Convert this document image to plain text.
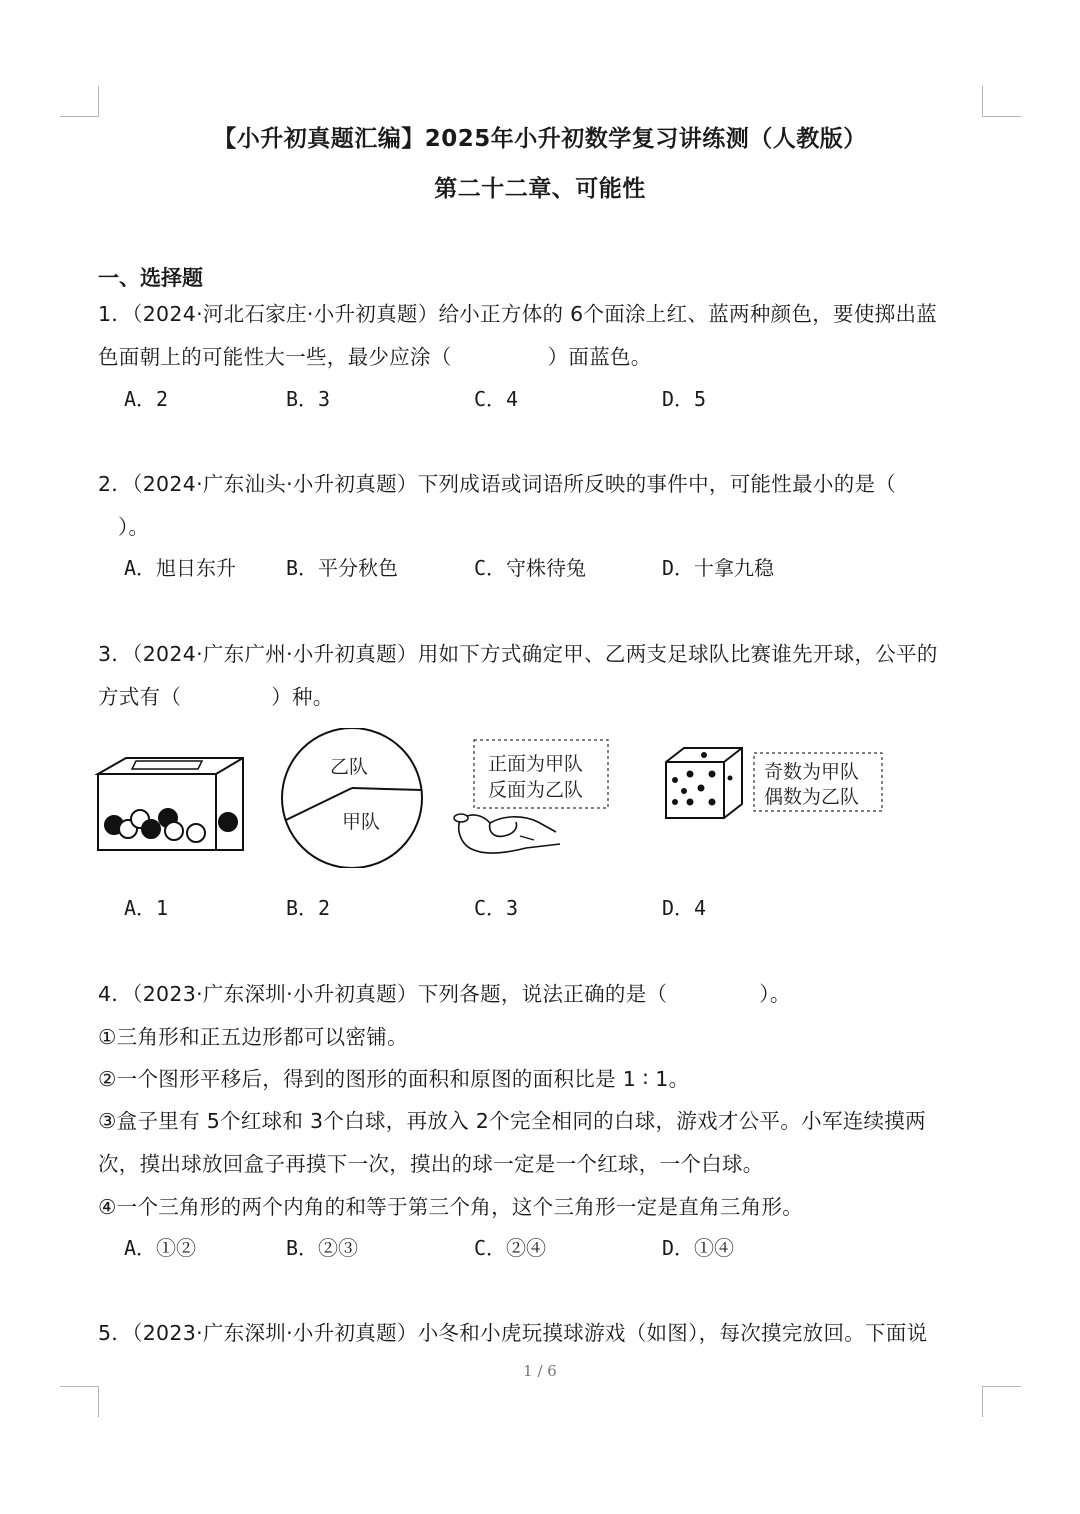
【小升初真题汇编】2025年小升初数学复习讲练测（人教版）
第二十二章、可能性
一、选择题
1．（2024·河北石家庄·小升初真题）给小正方体的 6个面涂上红、蓝两种颜色，要使掷出蓝
色面朝上的可能性大一些，最少应涂（	）面蓝色。
A．2	B．3	C．4	D．5
2．（2024·广东汕头·小升初真题）下列成语或词语所反映的事件中，可能性最小的是（
）。
A．旭日东升 B．平分秋色	C．守株待兔	D．十拿九稳
3．（2024·广东广州·小升初真题）用如下方式确定甲、乙两支足球队比赛谁先开球，公平的
方式有（	）种。
乙队
甲队
正面为甲队
反面为乙队
奇数为甲队
偶数为乙队
A．1	B．2	C．3	D．4
4．（2023·广东深圳·小升初真题）下列各题，说法正确的是（	）。
①三角形和正五边形都可以密铺。
②一个图形平移后，得到的图形的面积和原图的面积比是 1 ∶ 1。
③盒子里有 5个红球和 3个白球，再放入 2个完全相同的白球，游戏才公平。小军连续摸两
次，摸出球放回盒子再摸下一次，摸出的球一定是一个红球，一个白球。
④一个三角形的两个内角的和等于第三个角，这个三角形一定是直角三角形。
A．①②	B．②③	C．②④	D．①④
5．（2023·广东深圳·小升初真题）小冬和小虎玩摸球游戏（如图），每次摸完放回。下面说
1 / 6
